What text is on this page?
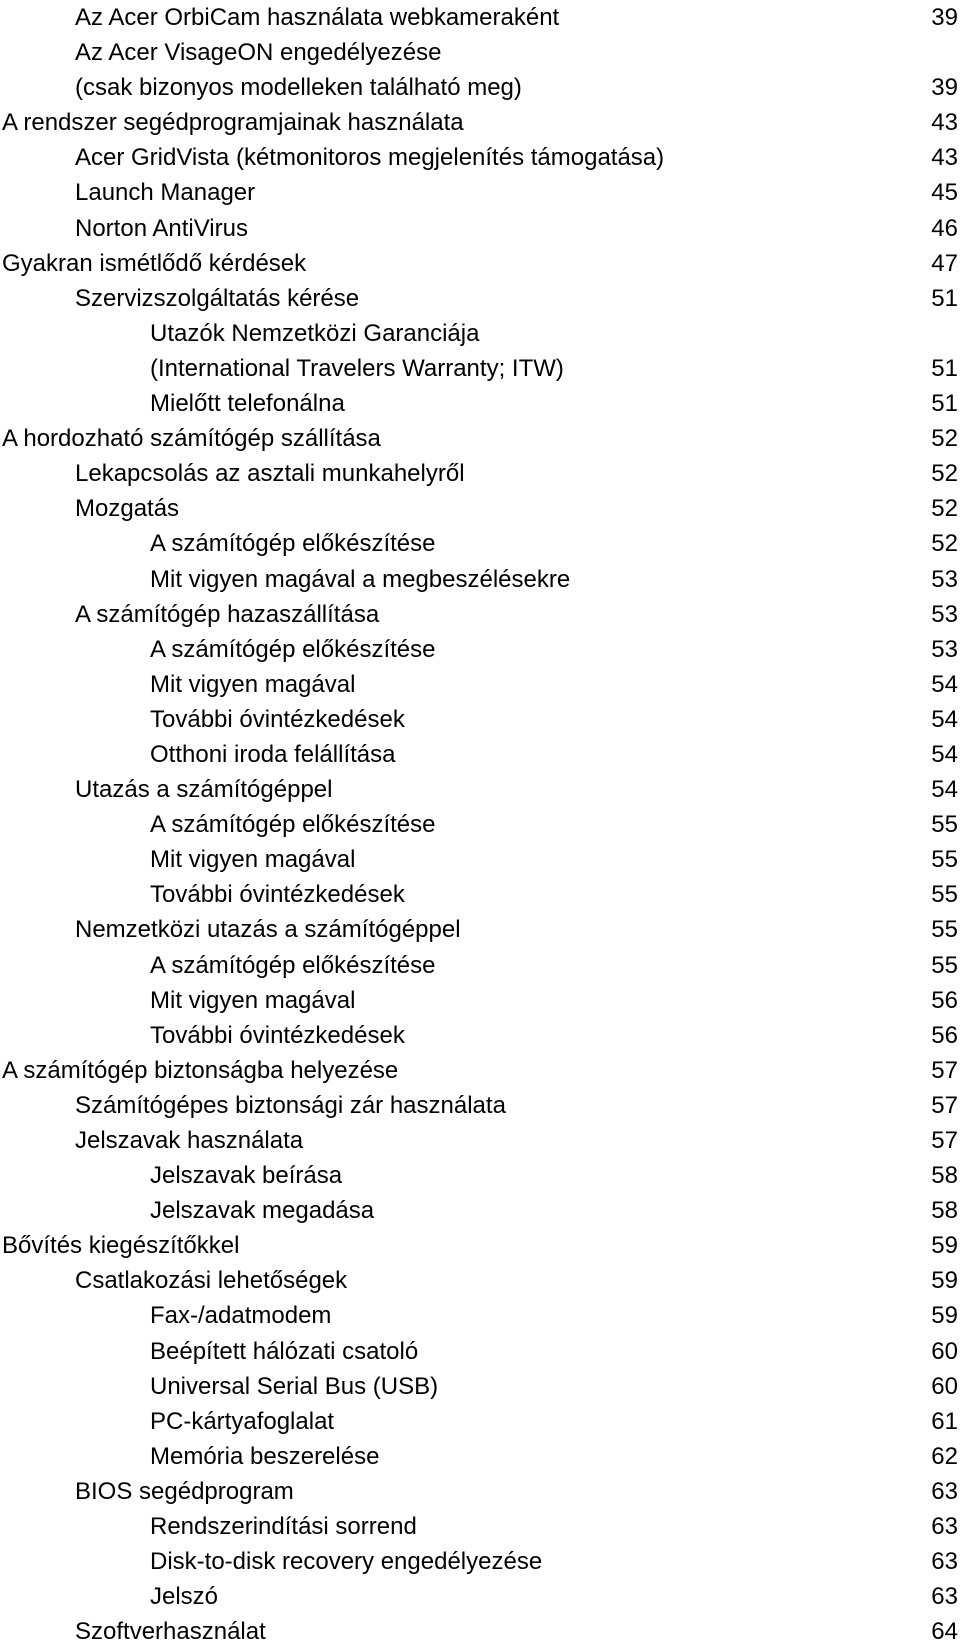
Az Acer OrbiCam használata webkameraként	39
Az Acer VisageON engedélyezése
(csak bizonyos modelleken található meg)	39
A rendszer segédprogramjainak használata	43
Acer GridVista (kétmonitoros megjelenítés támogatása)	43
Launch Manager	45
Norton AntiVirus	46
Gyakran ismétlődő kérdések	47
Szervizszolgáltatás kérése	51
Utazók Nemzetközi Garanciája
(International Travelers Warranty; ITW)	51
Mielőtt telefonálna	51
A hordozható számítógép szállítása	52
Lekapcsolás az asztali munkahelyről	52
Mozgatás	52
A számítógép előkészítése	52
Mit vigyen magával a megbeszélésekre	53
A számítógép hazaszállítása	53
A számítógép előkészítése	53
Mit vigyen magával	54
További óvintézkedések	54
Otthoni iroda felállítása	54
Utazás a számítógéppel	54
A számítógép előkészítése	55
Mit vigyen magával	55
További óvintézkedések	55
Nemzetközi utazás a számítógéppel	55
A számítógép előkészítése	55
Mit vigyen magával	56
További óvintézkedések	56
A számítógép biztonságba helyezése	57
Számítógépes biztonsági zár használata	57
Jelszavak használata	57
Jelszavak beírása	58
Jelszavak megadása	58
Bővítés kiegészítőkkel	59
Csatlakozási lehetőségek	59
Fax-/adatmodem	59
Beépített hálózati csatoló	60
Universal Serial Bus (USB)	60
PC-kártyafoglalat	61
Memória beszerelése	62
BIOS segédprogram	63
Rendszerindítási sorrend	63
Disk-to-disk recovery engedélyezése	63
Jelszó	63
Szoftverhasználat	64
